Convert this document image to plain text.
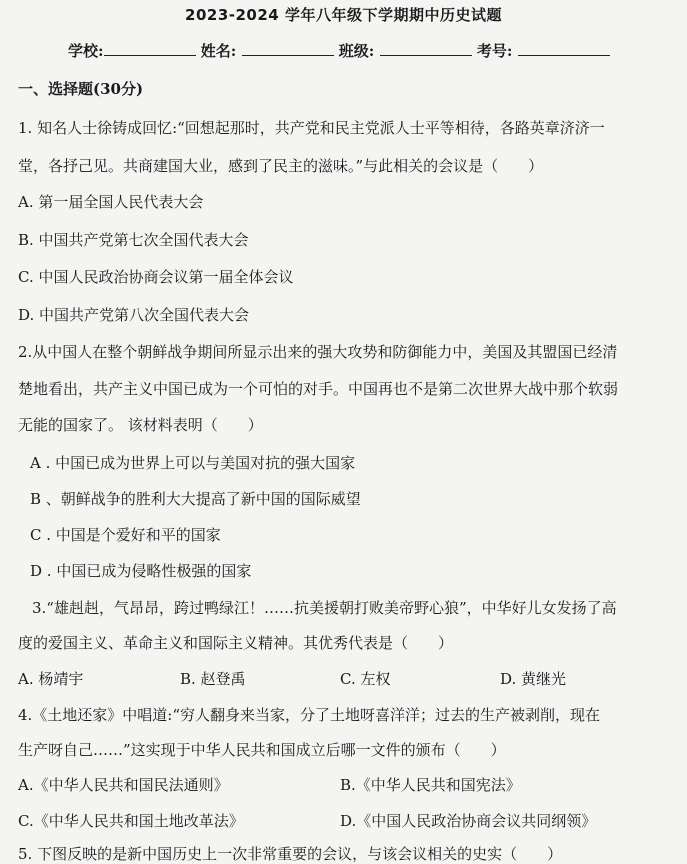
2023-2024 学年八年级下学期期中历史试题
学校:	姓名:	班级:	考号:
一、选择题(30分)
1. 知名人士徐铸成回忆:“回想起那时，共产党和民主党派人士平等相待，各路英章济济一
堂，各抒己见。共商建国大业，感到了民主的滋味。”与此相关的会议是（　　）
A. 第一届全国人民代表大会
B. 中国共产党第七次全国代表大会
C. 中国人民政治协商会议第一届全体会议
D. 中国共产党第八次全国代表大会
2.从中国人在整个朝鲜战争期间所显示出来的强大攻势和防御能力中，美国及其盟国已经清
楚地看出，共产主义中国已成为一个可怕的对手。中国再也不是第二次世界大战中那个软弱
无能的国家了。 该材料表明（　　）
A . 中国已成为世界上可以与美国对抗的强大国家
B 、朝鲜战争的胜利大大提高了新中国的国际威望
C . 中国是个爱好和平的国家
D . 中国已成为侵略性极强的国家
3.“雄赳赳，气昂昂，跨过鸭绿江！……抗美援朝打败美帝野心狼”，中华好儿女发扬了高
度的爱国主义、革命主义和国际主义精神。其优秀代表是（　　）
A. 杨靖宇	B. 赵登禹	C. 左权	D. 黄继光
4.《土地还家》中唱道:“穷人翻身来当家，分了土地呀喜洋洋；过去的生产被剥削，现在
生产呀自己……”这实现于中华人民共和国成立后哪一文件的颁布（　　）
A.《中华人民共和国民法通则》	B.《中华人民共和国宪法》
C.《中华人民共和国土地改革法》	D.《中国人民政治协商会议共同纲领》
5. 下图反映的是新中国历史上一次非常重要的会议，与该会议相关的史实（　　）
